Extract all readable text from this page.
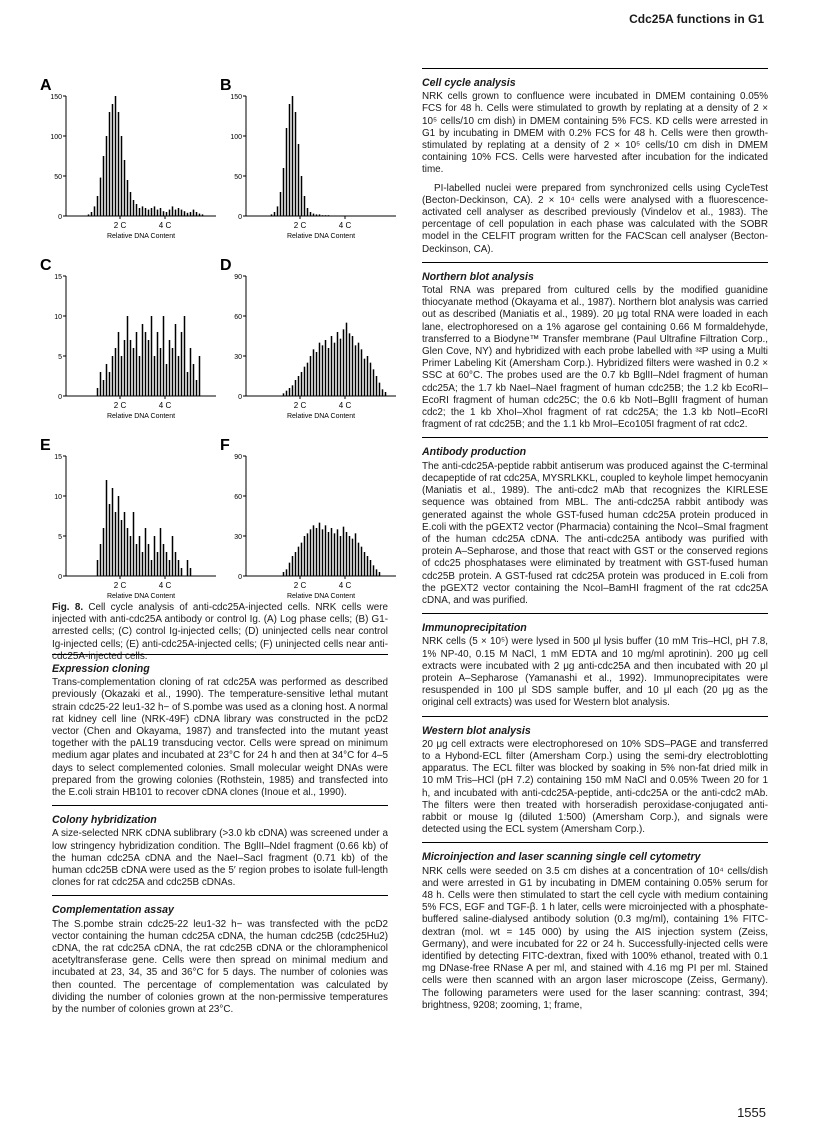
Cdc25A functions in G1
A
0
50
100
150
2 C	4 C
Relative DNA Content
B
0
50
100
150
2 C	4 C
Relative DNA Content
C
0
5
10
15
2 C	4 C
Relative DNA Content
D
0
30
60
90
2 C	4 C
Relative DNA Content
E
0
5
10
15
2 C	4 C
Relative DNA Content
F
0
30
60
90
2 C	4 C
Relative DNA Content
Fig. 8. Cell cycle analysis of anti-cdc25A-injected cells. NRK cells were injected with anti-cdc25A antibody or control Ig. (A) Log phase cells; (B) G1-arrested cells; (C) control Ig-injected cells; (D) uninjected cells near control Ig-injected cells; (E) anti-cdc25A-injected cells; (F) uninjected cells near anti-cdc25A-injected cells.
Expression cloning

Trans-complementation cloning of rat cdc25A was performed as described previously (Okazaki et al., 1990). The temperature-sensitive lethal mutant strain cdc25-22 leu1-32 h− of S.pombe was used as a cloning host. A normal rat kidney cell line (NRK-49F) cDNA library was constructed in the pcD2 vector (Chen and Okayama, 1987) and transfected into the mutant yeast together with the pAL19 transducing vector. Cells were spread on minimum medium agar plates and incubated at 23°C for 24 h and then at 34°C for 4–5 days to select complemented colonies. Small molecular weight DNAs were prepared from the growing colonies (Rothstein, 1985) and transfected into the E.coli strain HB101 to recover cDNA clones (Inoue et al., 1990).

Colony hybridization

A size-selected NRK cDNA sublibrary (>3.0 kb cDNA) was screened under a low stringency hybridization condition. The BglII–NdeI fragment (0.66 kb) of the human cdc25A cDNA and the NaeI–SacI fragment (0.71 kb) of the human cdc25B cDNA were used as the 5′ region probes to isolate full-length clones for rat cdc25A and cdc25B cDNAs.

Complementation assay

The S.pombe strain cdc25-22 leu1-32 h− was transfected with the pcD2 vector containing the human cdc25A cDNA, the human cdc25B (cdc25Hu2) cDNA, the rat cdc25A cDNA, the rat cdc25B cDNA or the chloramphenicol acetyltransferase gene. Cells were then spread on minimal medium and incubated at 23, 34, 35 and 36°C for 5 days. The number of colonies was then counted. The percentage of complementation was calculated by dividing the number of colonies grown at the non-permissive temperatures by the number of colonies grown at 23°C.

Cell cycle analysis

NRK cells grown to confluence were incubated in DMEM containing 0.05% FCS for 48 h. Cells were stimulated to growth by replating at a density of 2 × 10⁵ cells/10 cm dish) in DMEM containing 5% FCS. KD cells were arrested in G1 by incubating in DMEM with 0.2% FCS for 48 h. Cells were then growth-stimulated by replating at a density of 2 × 10⁵ cells/10 cm dish in DMEM containing 10% FCS. Cells were harvested after incubation for the indicated time.

PI-labelled nuclei were prepared from synchronized cells using CycleTest (Becton-Deckinson, CA). 2 × 10⁴ cells were analysed with a fluorescence-activated cell analyser as described previously (Vindelov et al., 1983). The percentage of cell population in each phase was calculated with the SOBR model in the CELFIT program written for the FACScan cell analyser (Becton-Deckinson, CA).

Northern blot analysis

Total RNA was prepared from cultured cells by the modified guanidine thiocyanate method (Okayama et al., 1987). Northern blot analysis was carried out as described (Maniatis et al., 1989). 20 μg total RNA were loaded in each lane, electrophoresed on a 1% agarose gel containing 0.66 M formaldehyde, transferred to a Biodyne™ Transfer membrane (Paul Ultrafine Filtration Corp., Glen Cove, NY) and hybridized with each probe labelled with ³²P using a Multi Primer Labeling Kit (Amersham Corp.). Hybridized filters were washed in 0.2 × SSC at 60°C. The probes used are the 0.7 kb BglII–NdeI fragment of human cdc25A; the 1.7 kb NaeI–NaeI fragment of human cdc25B; the 1.2 kb EcoRI–EcoRI fragment of human cdc25C; the 0.6 kb NotI–BglII fragment of human cdc2; the 1 kb XhoI–XhoI fragment of rat cdc25A; the 1.3 kb NotI–EcoRI fragment of rat cdc25B; and the 1.1 kb MroI–Eco105I fragment of rat cdc2.

Antibody production

The anti-cdc25A-peptide rabbit antiserum was produced against the C-terminal decapeptide of rat cdc25A, MYSRLKKL, coupled to keyhole limpet hemocyanin (Maniatis et al., 1989). The anti-cdc2 mAb that recognizes the KIRLESE sequence was obtained from MBL. The anti-cdc25A rabbit antibody was generated against the whole GST-fused human cdc25A protein produced in E.coli with the pGEXT2 vector (Pharmacia) containing the NcoI–SmaI fragment of the human cdc25A cDNA. The anti-cdc25A antibody was purified with protein A–Sepharose, and those that react with GST or the conserved regions of cdc25 phosphatases were eliminated by treatment with GST-fused human cdc25B protein. A GST-fused rat cdc25A protein was produced in E.coli from the pGEXT2 vector containing the NcoI–BamHI fragment of the rat cdc25A cDNA, and was purified.

Immunoprecipitation

NRK cells (5 × 10⁵) were lysed in 500 μl lysis buffer (10 mM Tris–HCl, pH 7.8, 1% NP-40, 0.15 M NaCl, 1 mM EDTA and 10 mg/ml aprotinin). 200 μg cell extracts were incubated with 2 μg anti-cdc25A and then incubated with 20 μl protein A–Sepharose (Yamanashi et al., 1992). Immunoprecipitates were resuspended in 100 μl SDS sample buffer, and 10 μl each (20 μg as the original cell extracts) was used for Western blot analysis.

Western blot analysis

20 μg cell extracts were electrophoresed on 10% SDS–PAGE and transferred to a Hybond-ECL filter (Amersham Corp.) using the semi-dry electroblotting apparatus. The ECL filter was blocked by soaking in 5% non-fat dried milk in 10 mM Tris–HCl (pH 7.2) containing 150 mM NaCl and 0.05% Tween 20 for 1 h, and incubated with anti-cdc25A-peptide, anti-cdc25A or the anti-cdc2 mAb. The filters were then treated with horseradish peroxidase-conjugated anti-rabbit or mouse Ig (diluted 1:500) (Amersham Corp.), and signals were detected using the ECL system (Amersham Corp.).

Microinjection and laser scanning single cell cytometry

NRK cells were seeded on 3.5 cm dishes at a concentration of 10⁴ cells/dish and were arrested in G1 by incubating in DMEM containing 0.05% serum for 48 h. Cells were then stimulated to start the cell cycle with medium containing 5% FCS, EGF and TGF-β. 1 h later, cells were microinjected with a phosphate-buffered saline-dialysed antibody solution (0.3 mg/ml), containing 1% FITC-dextran (mol. wt = 145 000) by using the AIS injection system (Zeiss, Germany), and were incubated for 22 or 24 h. Successfully-injected cells were identified by detecting FITC-dextran, fixed with 100% ethanol, treated with 0.1 mg DNase-free RNase A per ml, and stained with 4.16 mg PI per ml. Stained cells were then scanned with an argon laser microscope (Zeiss, Germany). The following parameters were used for the laser scanning: contrast, 394; brightness, 9208; zooming, 1; frame,

1555
